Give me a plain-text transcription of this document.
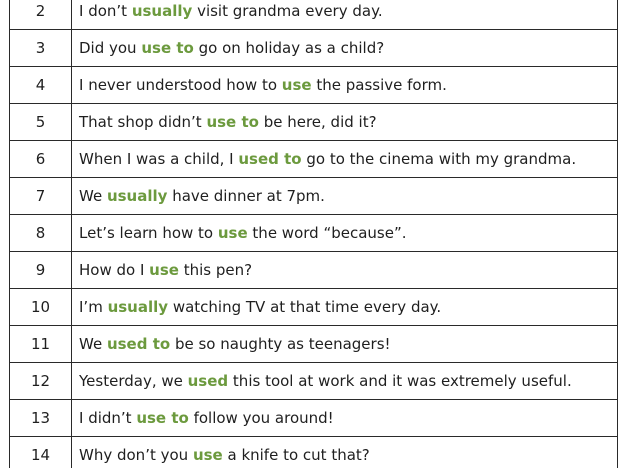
2	I don’t usually visit grandma every day.
3	Did you use to go on holiday as a child?
4	I never understood how to use the passive form.
5	That shop didn’t use to be here, did it?
6	When I was a child, I used to go to the cinema with my grandma.
7	We usually have dinner at 7pm.
8	Let’s learn how to use the word “because”.
9	How do I use this pen?
10	I’m usually watching TV at that time every day.
11	We used to be so naughty as teenagers!
12	Yesterday, we used this tool at work and it was extremely useful.
13	I didn’t use to follow you around!
14	Why don’t you use a knife to cut that?
